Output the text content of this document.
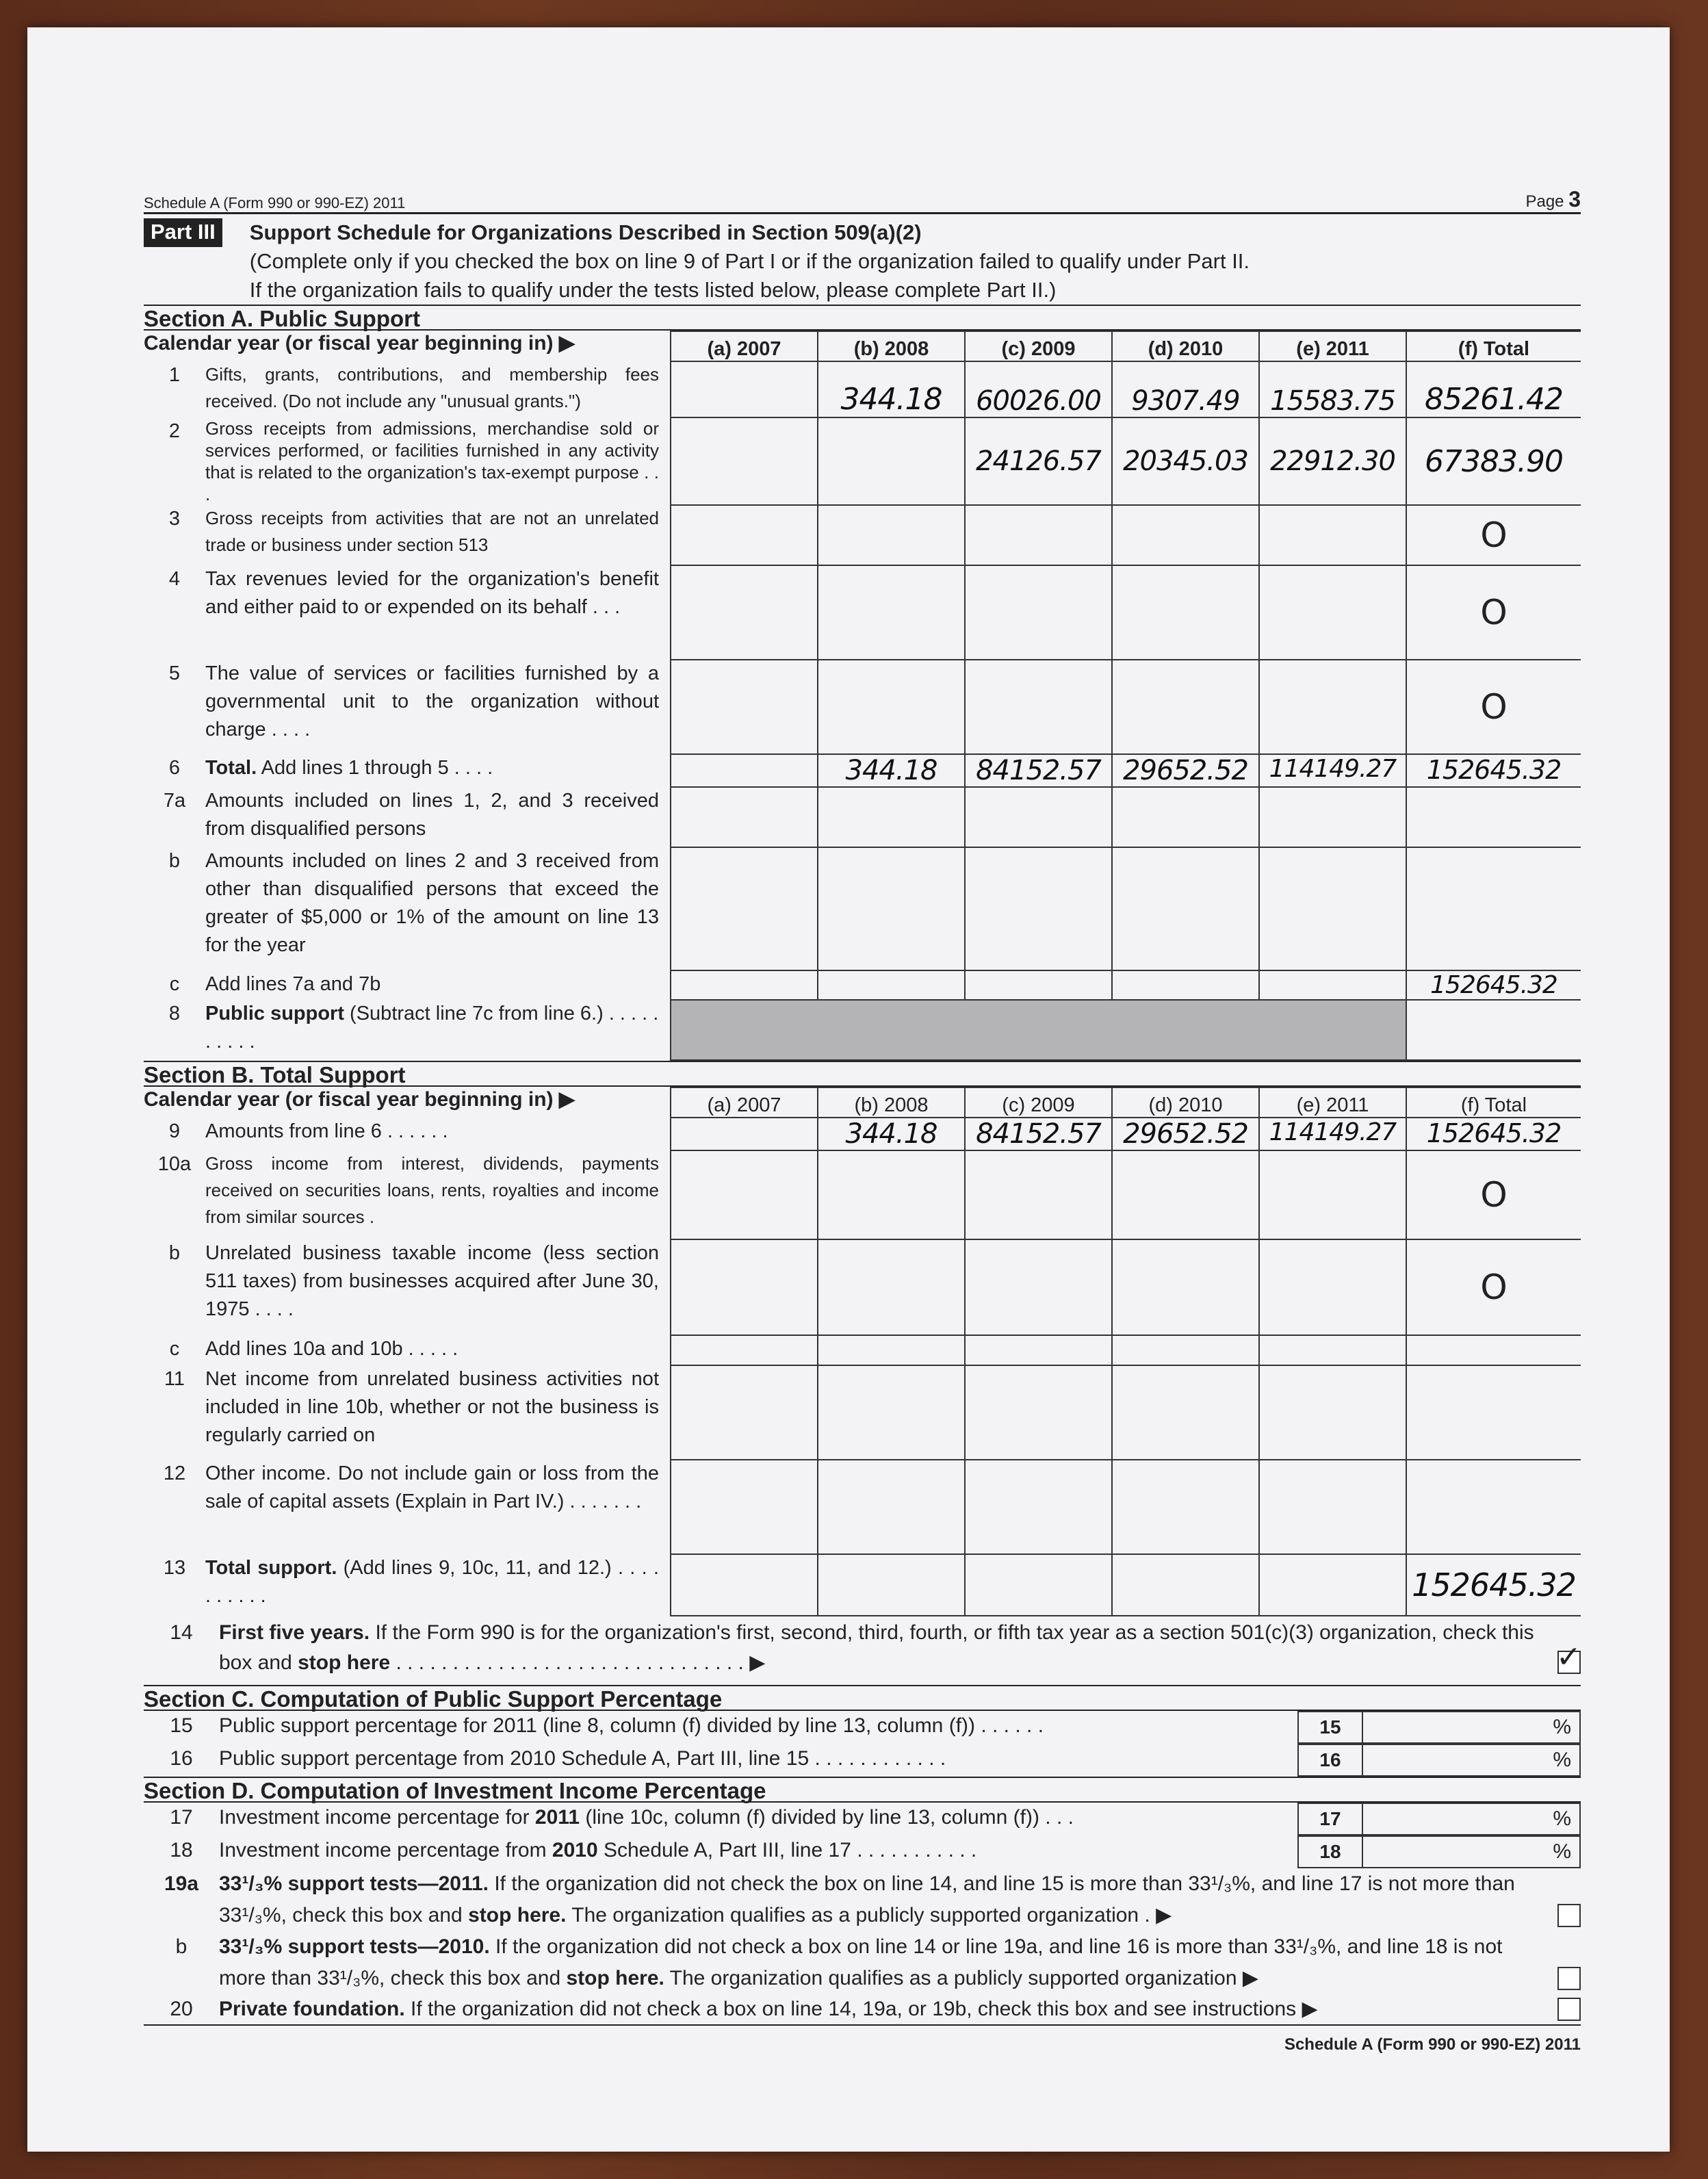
Schedule A (Form 990 or 990-EZ) 2011	Page 3
Part III	Support Schedule for Organizations Described in Section 509(a)(2)
(Complete only if you checked the box on line 9 of Part I or if the organization failed to qualify under Part II.
If the organization fails to qualify under the tests listed below, please complete Part II.)
Section A. Public Support
Calendar year (or fiscal year beginning in) ▶	(a) 2007	(b) 2008	(c) 2009	(d) 2010	(e) 2011	(f) Total

1 Gifts, grants, contributions, and membership fees received. (Do not include any "unusual grants.")		344.18	60026.00	9307.49	15583.75	85261.42

2 Gross receipts from admissions, merchandise sold or services performed, or facilities furnished in any activity that is related to the organization's tax-exempt purpose . . .			24126.57	20345.03	22912.30	67383.90

3 Gross receipts from activities that are not an unrelated trade or business under section 513						O

4 Tax revenues levied for the organization's benefit and either paid to or expended on its behalf . . .						O

5 The value of services or facilities furnished by a governmental unit to the organization without charge . . . .						O

6 Total. Add lines 1 through 5 . . . .		344.18	84152.57	29652.52	114149.27	152645.32

7a Amounts included on lines 1, 2, and 3 received from disqualified persons						

b Amounts included on lines 2 and 3 received from other than disqualified persons that exceed the greater of $5,000 or 1% of the amount on line 13 for the year						

c Add lines 7a and 7b						152645.32

8 Public support (Subtract line 7c from line 6.) . . . . . . . . . .						

Section B. Total Support
Calendar year (or fiscal year beginning in) ▶	(a) 2007	(b) 2008	(c) 2009	(d) 2010	(e) 2011	(f) Total

9 Amounts from line 6 . . . . . .		344.18	84152.57	29652.52	114149.27	152645.32

10a Gross income from interest, dividends, payments received on securities loans, rents, royalties and income from similar sources .						O

b Unrelated business taxable income (less section 511 taxes) from businesses acquired after June 30, 1975 . . . .						O

c Add lines 10a and 10b . . . . .						

11 Net income from unrelated business activities not included in line 10b, whether or not the business is regularly carried on						

12 Other income. Do not include gain or loss from the sale of capital assets (Explain in Part IV.) . . . . . . .						

13 Total support. (Add lines 9, 10c, 11, and 12.) . . . . . . . . . .						152645.32
14	First five years. If the Form 990 is for the organization's first, second, third, fourth, or fifth tax year as a section 501(c)(3) organization, check this box and stop here . . . . . . . . . . . . . . . . . . . . . . . . . . . . . . . ▶	✓
Section C. Computation of Public Support Percentage
15	Public support percentage for 2011 (line 8, column (f) divided by line 13, column (f)) . . . . . .	15	%
16	Public support percentage from 2010 Schedule A, Part III, line 15 . . . . . . . . . . . .	16	%
Section D. Computation of Investment Income Percentage
17	Investment income percentage for 2011 (line 10c, column (f) divided by line 13, column (f)) . . .	17	%
18	Investment income percentage from 2010 Schedule A, Part III, line 17 . . . . . . . . . . .	18	%
19a 33¹/₃% support tests—2011. If the organization did not check the box on line 14, and line 15 is more than 33¹/₃%, and line 17 is not more than 33¹/₃%, check this box and stop here. The organization qualifies as a publicly supported organization . ▶
b	33¹/₃% support tests—2010. If the organization did not check a box on line 14 or line 19a, and line 16 is more than 33¹/₃%, and line 18 is not more than 33¹/₃%, check this box and stop here. The organization qualifies as a publicly supported organization ▶
20	Private foundation. If the organization did not check a box on line 14, 19a, or 19b, check this box and see instructions ▶
Schedule A (Form 990 or 990-EZ) 2011
